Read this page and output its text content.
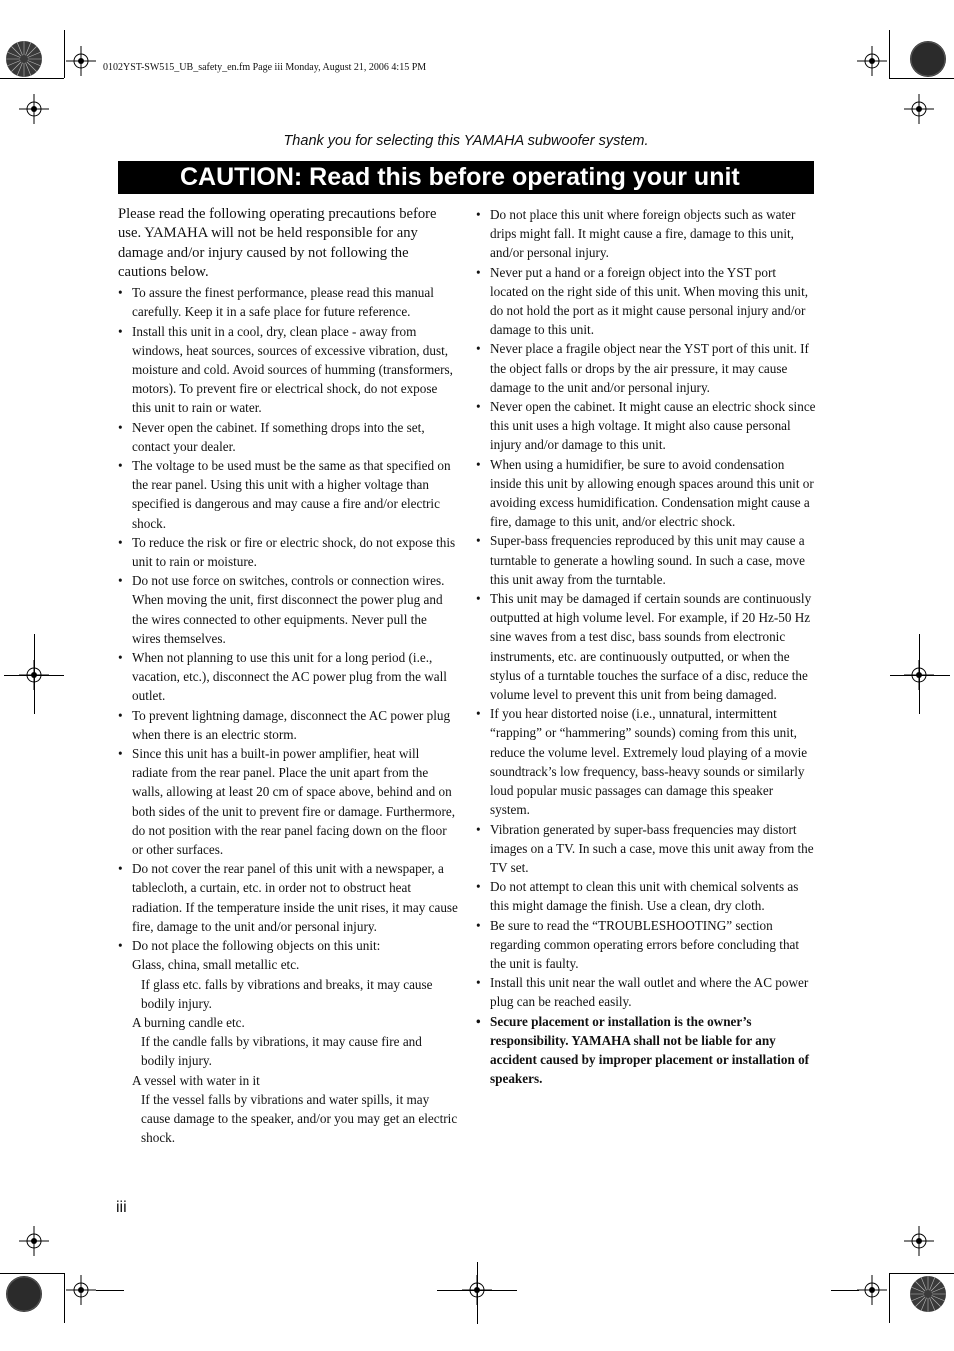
0102YST-SW515_UB_safety_en.fm Page iii Monday, August 21, 2006 4:15 PM
Thank you for selecting this YAMAHA subwoofer system.
CAUTION: Read this before operating your unit

Please read the following operating precautions before use. YAMAHA will not be held responsible for any damage and/or injury caused by not following the cautions below.

• To assure the finest performance, please read this manual carefully. Keep it in a safe place for future reference.
• Install this unit in a cool, dry, clean place - away from windows, heat sources, sources of excessive vibration, dust, moisture and cold. Avoid sources of humming (transformers, motors). To prevent fire or electrical shock, do not expose this unit to rain or water.
• Never open the cabinet. If something drops into the set, contact your dealer.
• The voltage to be used must be the same as that specified on the rear panel. Using this unit with a higher voltage than specified is dangerous and may cause a fire and/or electric shock.
• To reduce the risk or fire or electric shock, do not expose this unit to rain or moisture.
• Do not use force on switches, controls or connection wires. When moving the unit, first disconnect the power plug and the wires connected to other equipments. Never pull the wires themselves.
• When not planning to use this unit for a long period (i.e., vacation, etc.), disconnect the AC power plug from the wall outlet.
• To prevent lightning damage, disconnect the AC power plug when there is an electric storm.
• Since this unit has a built-in power amplifier, heat will radiate from the rear panel. Place the unit apart from the walls, allowing at least 20 cm of space above, behind and on both sides of the unit to prevent fire or damage. Furthermore, do not position with the rear panel facing down on the floor or other surfaces.
• Do not cover the rear panel of this unit with a newspaper, a tablecloth, a curtain, etc. in order not to obstruct heat radiation. If the temperature inside the unit rises, it may cause fire, damage to the unit and/or personal injury.
• Do not place the following objects on this unit:
Glass, china, small metallic etc.
If glass etc. falls by vibrations and breaks, it may cause bodily injury.
A burning candle etc.
If the candle falls by vibrations, it may cause fire and bodily injury.
A vessel with water in it
If the vessel falls by vibrations and water spills, it may cause damage to the speaker, and/or you may get an electric shock.
• Do not place this unit where foreign objects such as water drips might fall. It might cause a fire, damage to this unit, and/or personal injury.
• Never put a hand or a foreign object into the YST port located on the right side of this unit. When moving this unit, do not hold the port as it might cause personal injury and/or damage to this unit.
• Never place a fragile object near the YST port of this unit. If the object falls or drops by the air pressure, it may cause damage to the unit and/or personal injury.
• Never open the cabinet. It might cause an electric shock since this unit uses a high voltage. It might also cause personal injury and/or damage to this unit.
• When using a humidifier, be sure to avoid condensation inside this unit by allowing enough spaces around this unit or avoiding excess humidification. Condensation might cause a fire, damage to this unit, and/or electric shock.
• Super-bass frequencies reproduced by this unit may cause a turntable to generate a howling sound. In such a case, move this unit away from the turntable.
• This unit may be damaged if certain sounds are continuously outputted at high volume level. For example, if 20 Hz-50 Hz sine waves from a test disc, bass sounds from electronic instruments, etc. are continuously outputted, or when the stylus of a turntable touches the surface of a disc, reduce the volume level to prevent this unit from being damaged.
• If you hear distorted noise (i.e., unnatural, intermittent “rapping” or “hammering” sounds) coming from this unit, reduce the volume level. Extremely loud playing of a movie soundtrack’s low frequency, bass-heavy sounds or similarly loud popular music passages can damage this speaker system.
• Vibration generated by super-bass frequencies may distort images on a TV. In such a case, move this unit away from the TV set.
• Do not attempt to clean this unit with chemical solvents as this might damage the finish. Use a clean, dry cloth.
• Be sure to read the “TROUBLESHOOTING” section regarding common operating errors before concluding that the unit is faulty.
• Install this unit near the wall outlet and where the AC power plug can be reached easily.
• Secure placement or installation is the owner’s responsibility. YAMAHA shall not be liable for any accident caused by improper placement or installation of speakers.
iii
